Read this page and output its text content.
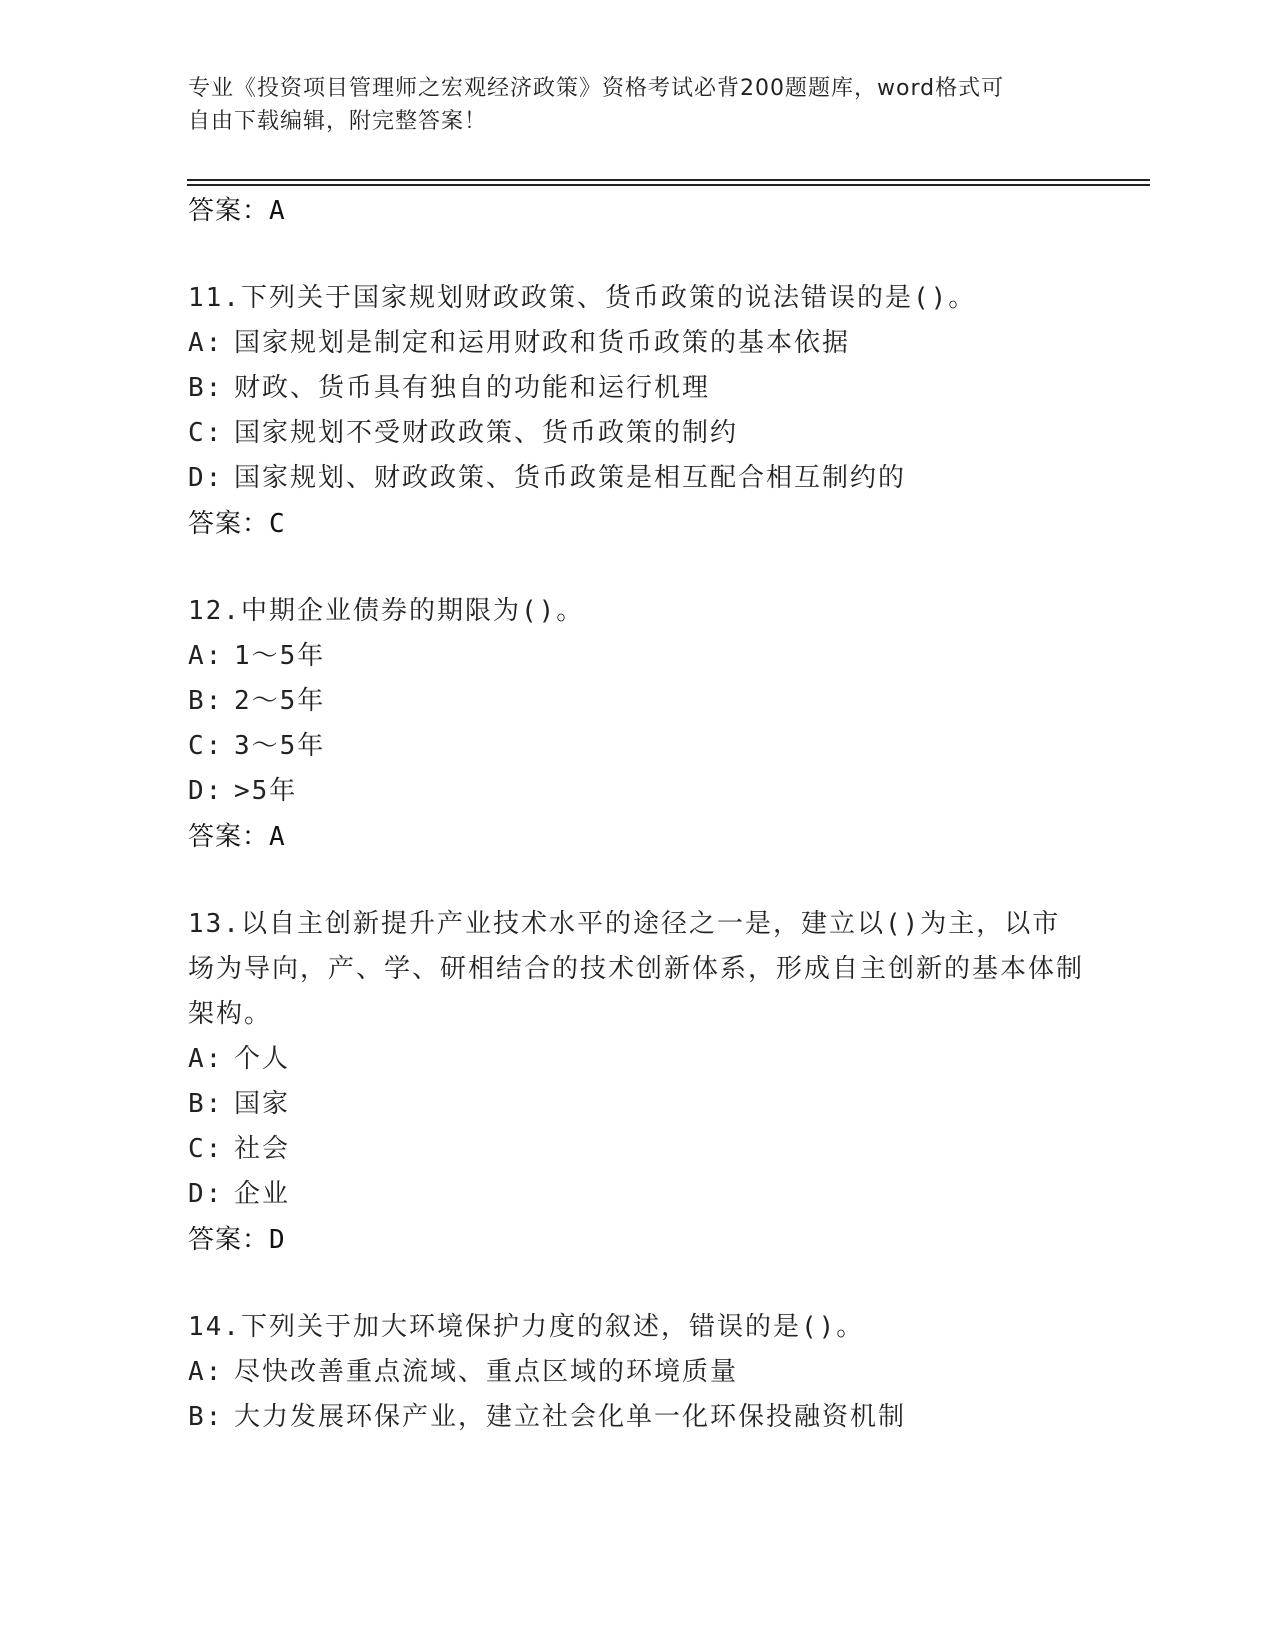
专业《投资项目管理师之宏观经济政策》资格考试必背200题题库，word格式可
自由下载编辑，附完整答案！
答案：A
11.下列关于国家规划财政政策、货币政策的说法错误的是()。
A: 国家规划是制定和运用财政和货币政策的基本依据
B: 财政、货币具有独自的功能和运行机理
C: 国家规划不受财政政策、货币政策的制约
D: 国家规划、财政政策、货币政策是相互配合相互制约的
答案：C
12.中期企业债券的期限为()。
A: 1～5年
B: 2～5年
C: 3～5年
D: >5年
答案：A
13.以自主创新提升产业技术水平的途径之一是，建立以()为主，以市场为导向，产、学、研相结合的技术创新体系，形成自主创新的基本体制架构。
A: 个人
B: 国家
C: 社会
D: 企业
答案：D
14.下列关于加大环境保护力度的叙述，错误的是()。
A: 尽快改善重点流域、重点区域的环境质量
B: 大力发展环保产业，建立社会化单一化环保投融资机制
